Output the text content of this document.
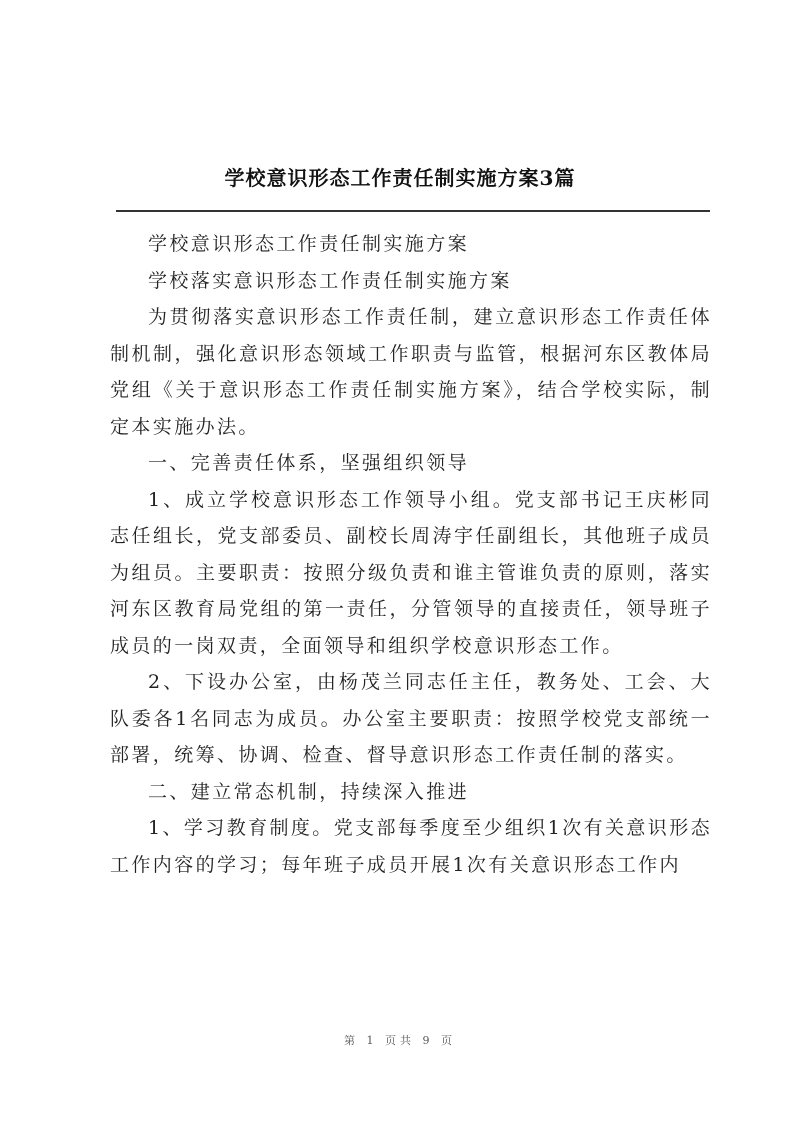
学校意识形态工作责任制实施方案3篇

学校意识形态工作责任制实施方案

学校落实意识形态工作责任制实施方案

为贯彻落实意识形态工作责任制，建立意识形态工作责任体制机制，强化意识形态领域工作职责与监管，根据河东区教体局党组《关于意识形态工作责任制实施方案》，结合学校实际，制定本实施办法。

一、完善责任体系，坚强组织领导

1、成立学校意识形态工作领导小组。党支部书记王庆彬同志任组长，党支部委员、副校长周涛宇任副组长，其他班子成员为组员。主要职责：按照分级负责和谁主管谁负责的原则，落实河东区教育局党组的第一责任，分管领导的直接责任，领导班子成员的一岗双责，全面领导和组织学校意识形态工作。

2、下设办公室，由杨茂兰同志任主任，教务处、工会、大队委各1名同志为成员。办公室主要职责：按照学校党支部统一部署，统筹、协调、检查、督导意识形态工作责任制的落实。

二、建立常态机制，持续深入推进

1、学习教育制度。党支部每季度至少组织1次有关意识形态工作内容的学习；每年班子成员开展1次有关意识形态工作内

第 1 页共 9 页
